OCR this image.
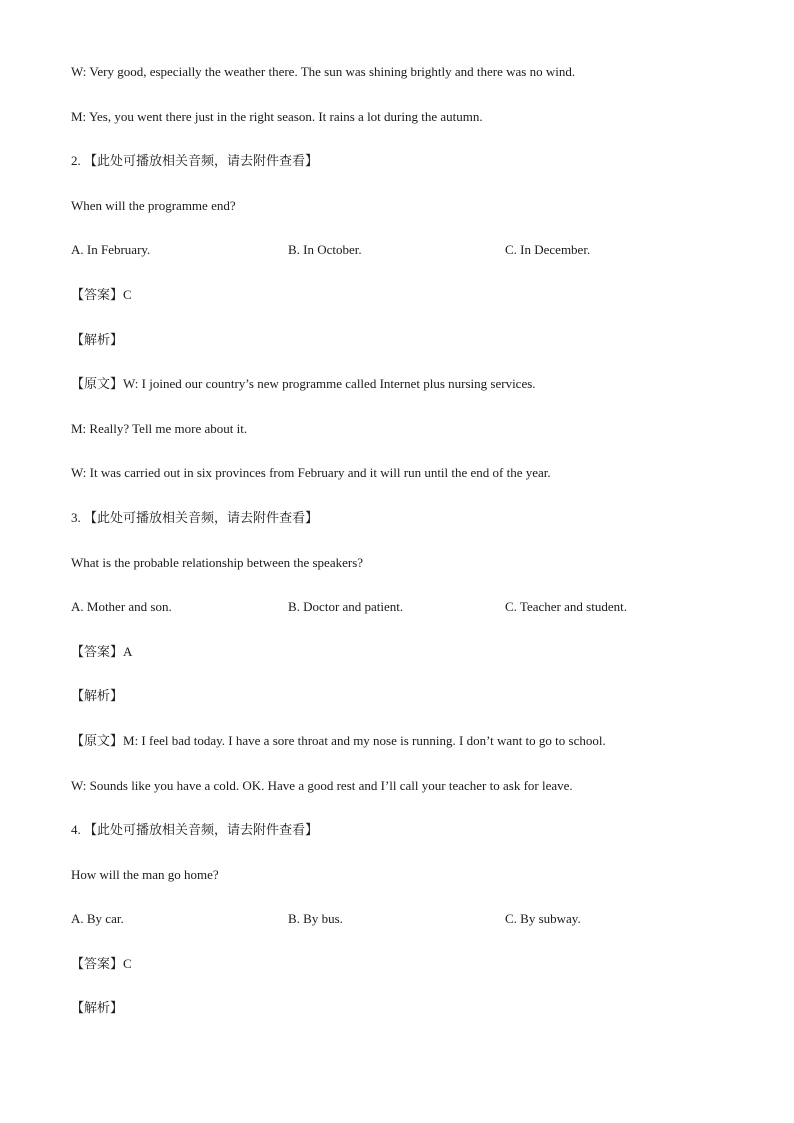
W: Very good, especially the weather there. The sun was shining brightly and there was no wind.
M: Yes, you went there just in the right season. It rains a lot during the autumn.
2. 【此处可播放相关音频，请去附件查看】
When will the programme end?
A. In February.	B. In October.	C. In December.
【答案】C
【解析】
【原文】W: I joined our country’s new programme called Internet plus nursing services.
M: Really? Tell me more about it.
W: It was carried out in six provinces from February and it will run until the end of the year.
3. 【此处可播放相关音频，请去附件查看】
What is the probable relationship between the speakers?
A. Mother and son.	B. Doctor and patient.	C. Teacher and student.
【答案】A
【解析】
【原文】M: I feel bad today. I have a sore throat and my nose is running. I don’t want to go to school.
W: Sounds like you have a cold. OK. Have a good rest and I’ll call your teacher to ask for leave.
4. 【此处可播放相关音频，请去附件查看】
How will the man go home?
A. By car.	B. By bus.	C. By subway.
【答案】C
【解析】
